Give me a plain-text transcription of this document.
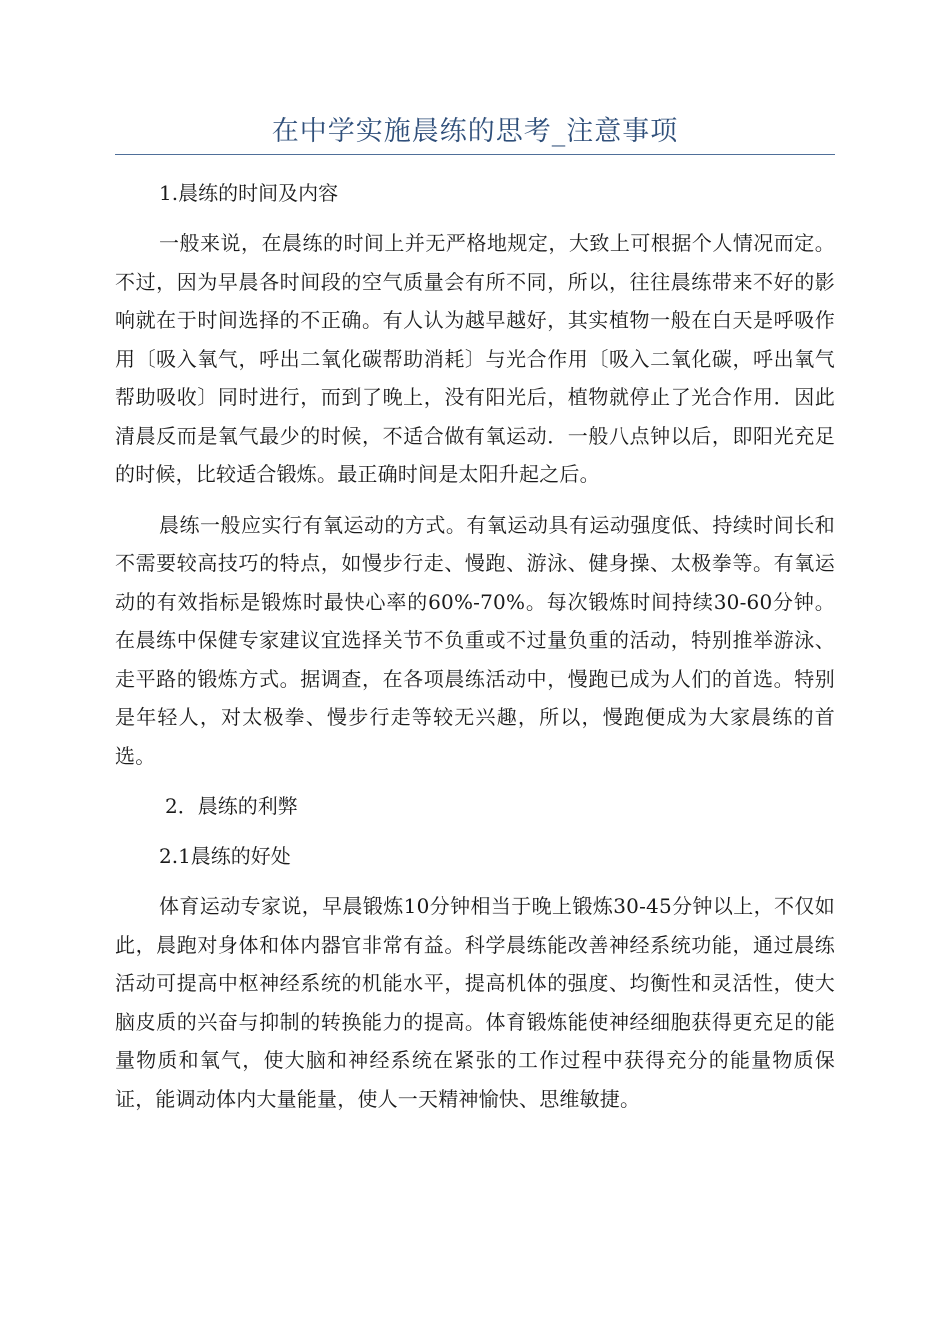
在中学实施晨练的思考_注意事项
1.晨练的时间及内容

一般来说，在晨练的时间上并无严格地规定，大致上可根据个人情况而定。不过，因为早晨各时间段的空气质量会有所不同，所以，往往晨练带来不好的影响就在于时间选择的不正确。有人认为越早越好，其实植物一般在白天是呼吸作用〔吸入氧气，呼出二氧化碳帮助消耗〕与光合作用〔吸入二氧化碳，呼出氧气帮助吸收〕同时进行，而到了晚上，没有阳光后，植物就停止了光合作用．因此清晨反而是氧气最少的时候，不适合做有氧运动．一般八点钟以后，即阳光充足的时候，比较适合锻炼。最正确时间是太阳升起之后。

晨练一般应实行有氧运动的方式。有氧运动具有运动强度低、持续时间长和不需要较高技巧的特点，如慢步行走、慢跑、游泳、健身操、太极拳等。有氧运动的有效指标是锻炼时最快心率的60%-70%。每次锻炼时间持续30-60分钟。在晨练中保健专家建议宜选择关节不负重或不过量负重的活动，特别推举游泳、走平路的锻炼方式。据调查，在各项晨练活动中，慢跑已成为人们的首选。特别是年轻人，对太极拳、慢步行走等较无兴趣，所以，慢跑便成为大家晨练的首选。

2．晨练的利弊
2.1晨练的好处

体育运动专家说，早晨锻炼10分钟相当于晚上锻炼30-45分钟以上，不仅如此，晨跑对身体和体内器官非常有益。科学晨练能改善神经系统功能，通过晨练活动可提高中枢神经系统的机能水平，提高机体的强度、均衡性和灵活性，使大脑皮质的兴奋与抑制的转换能力的提高。体育锻炼能使神经细胞获得更充足的能量物质和氧气，使大脑和神经系统在紧张的工作过程中获得充分的能量物质保证，能调动体内大量能量，使人一天精神愉快、思维敏捷。
